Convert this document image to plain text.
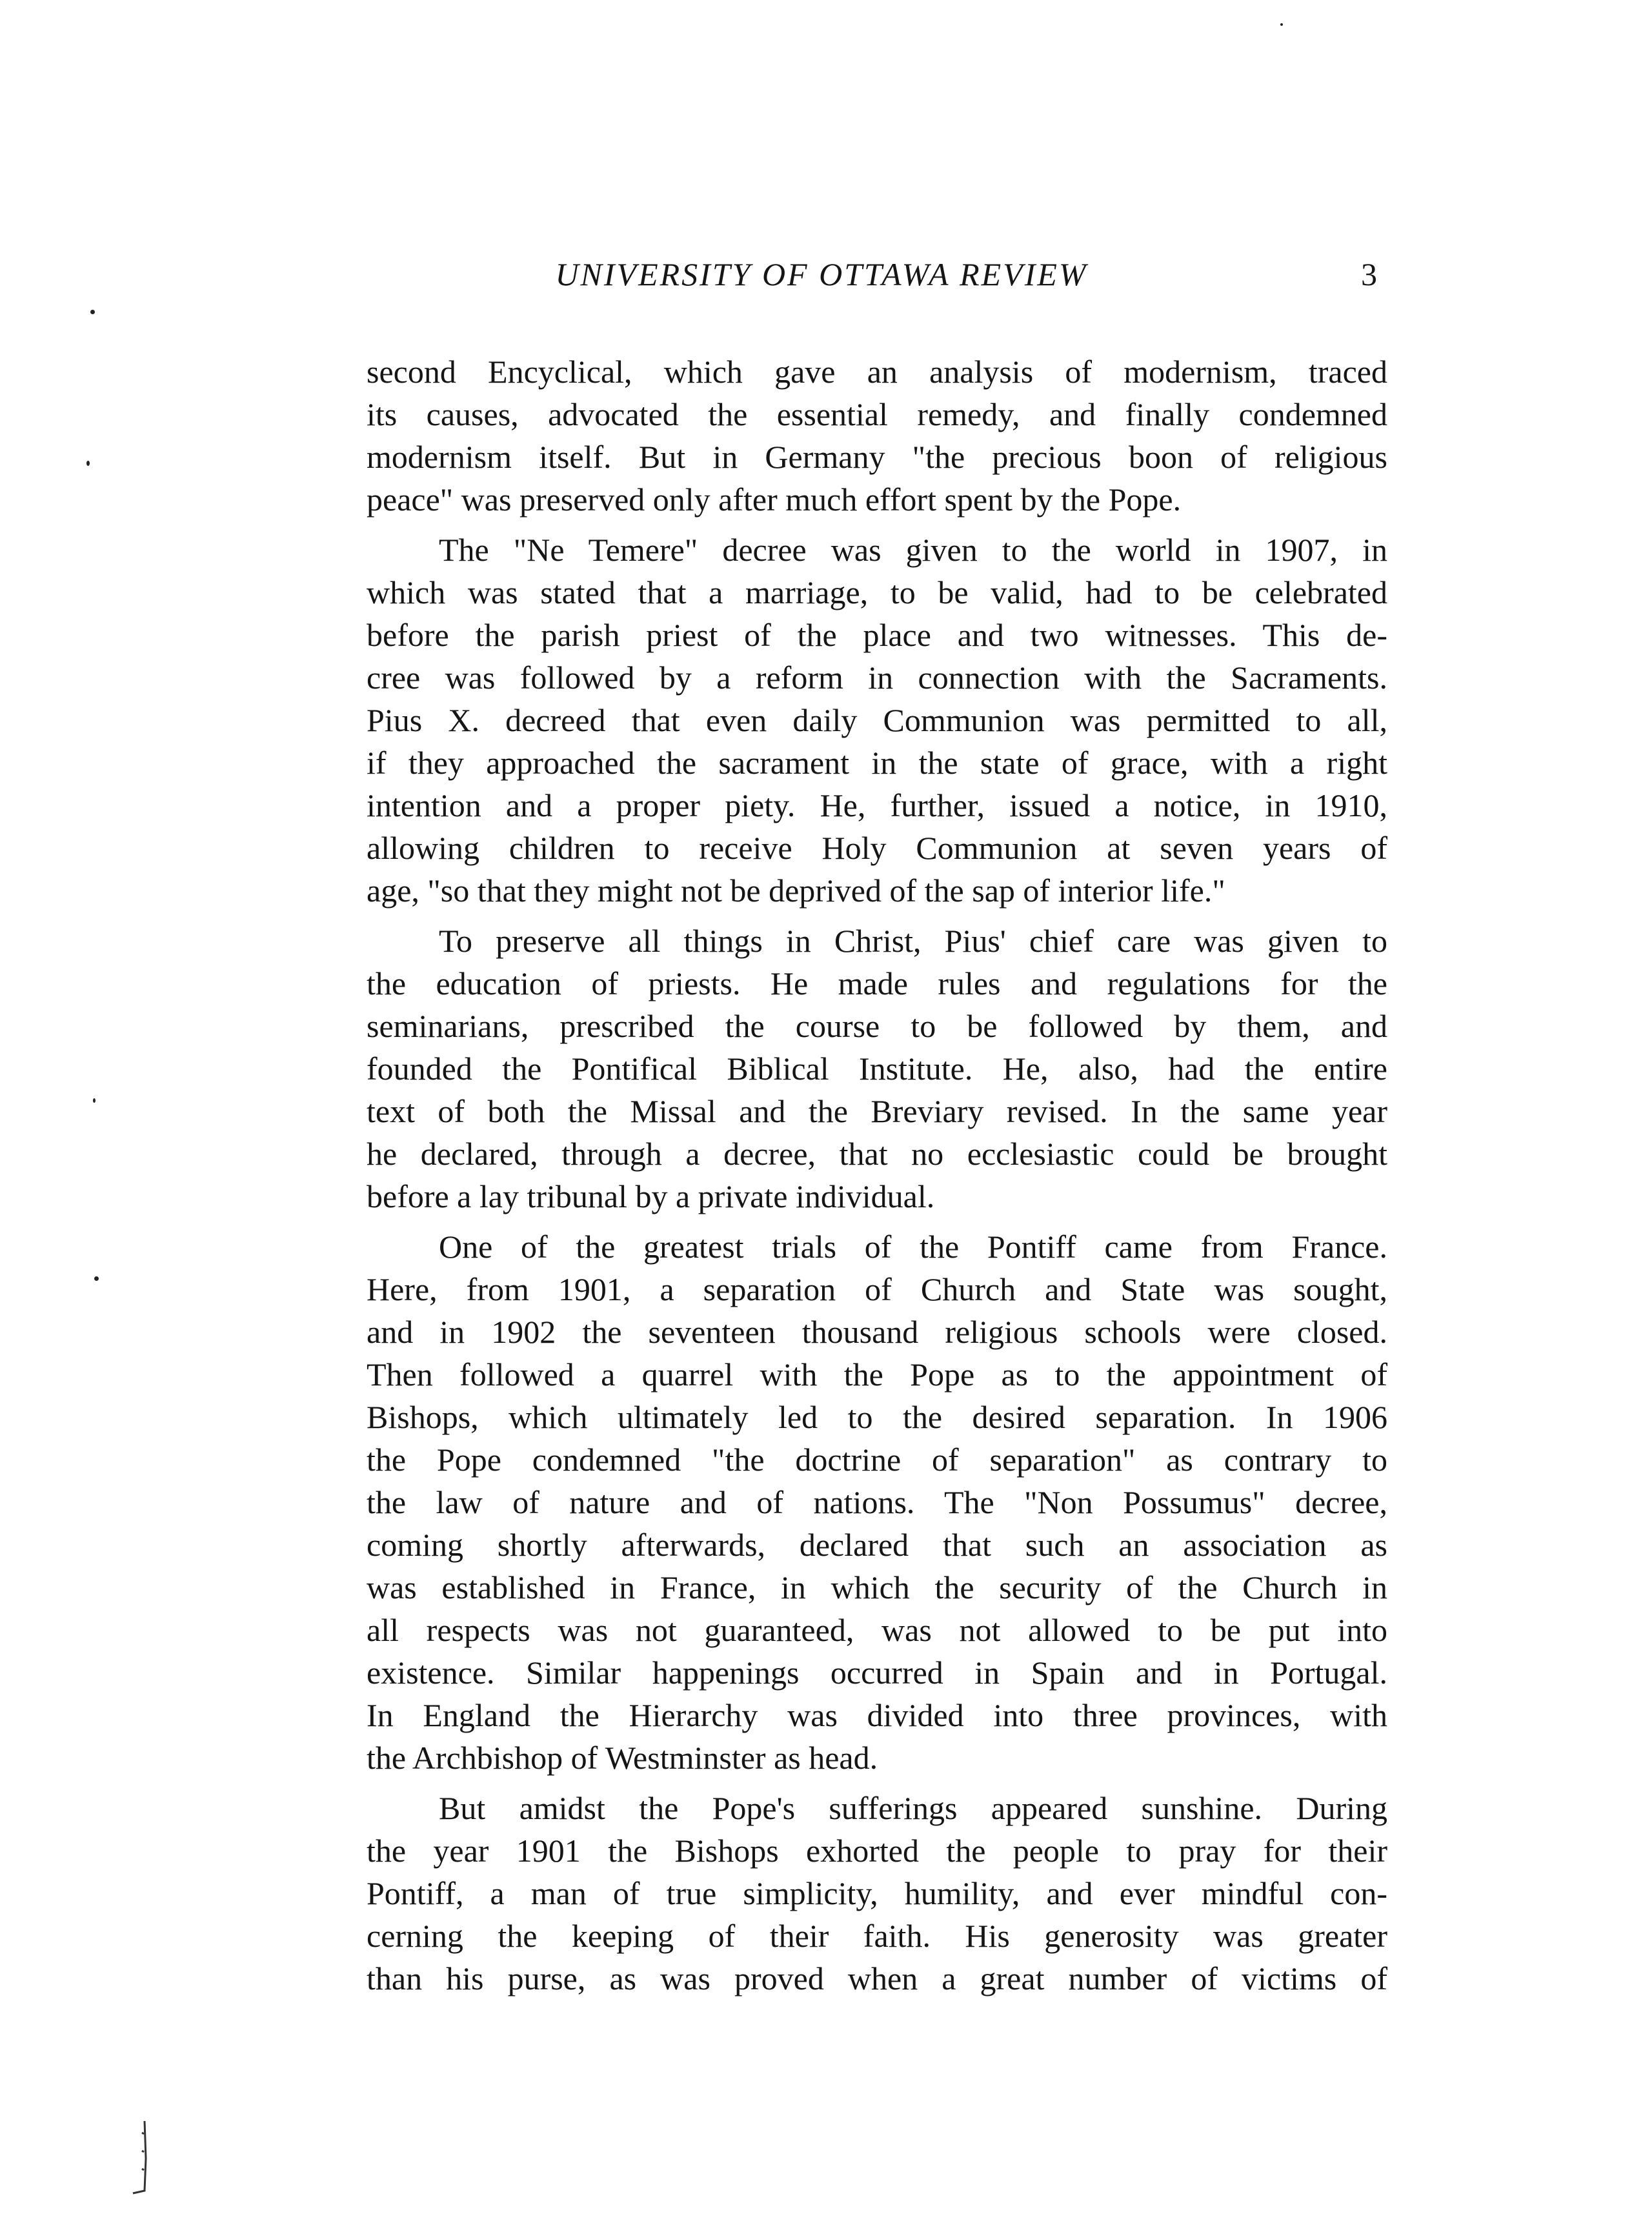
UNIVERSITY OF OTTAWA REVIEW	3
second Encyclical, which gave an analysis of modernism, traced
its causes, advocated the essential remedy, and finally condemned
modernism itself. But in Germany "the precious boon of religious
peace" was preserved only after much effort spent by the Pope.
The "Ne Temere" decree was given to the world in 1907, in
which was stated that a marriage, to be valid, had to be celebrated
before the parish priest of the place and two witnesses. This de-
cree was followed by a reform in connection with the Sacraments.
Pius X. decreed that even daily Communion was permitted to all,
if they approached the sacrament in the state of grace, with a right
intention and a proper piety. He, further, issued a notice, in 1910,
allowing children to receive Holy Communion at seven years of
age, "so that they might not be deprived of the sap of interior life."
To preserve all things in Christ, Pius' chief care was given to
the education of priests. He made rules and regulations for the
seminarians, prescribed the course to be followed by them, and
founded the Pontifical Biblical Institute. He, also, had the entire
text of both the Missal and the Breviary revised. In the same year
he declared, through a decree, that no ecclesiastic could be brought
before a lay tribunal by a private individual.
One of the greatest trials of the Pontiff came from France.
Here, from 1901, a separation of Church and State was sought,
and in 1902 the seventeen thousand religious schools were closed.
Then followed a quarrel with the Pope as to the appointment of
Bishops, which ultimately led to the desired separation. In 1906
the Pope condemned "the doctrine of separation" as contrary to
the law of nature and of nations. The "Non Possumus" decree,
coming shortly afterwards, declared that such an association as
was established in France, in which the security of the Church in
all respects was not guaranteed, was not allowed to be put into
existence. Similar happenings occurred in Spain and in Portugal.
In England the Hierarchy was divided into three provinces, with
the Archbishop of Westminster as head.
But amidst the Pope's sufferings appeared sunshine. During
the year 1901 the Bishops exhorted the people to pray for their
Pontiff, a man of true simplicity, humility, and ever mindful con-
cerning the keeping of their faith. His generosity was greater
than his purse, as was proved when a great number of victims of
